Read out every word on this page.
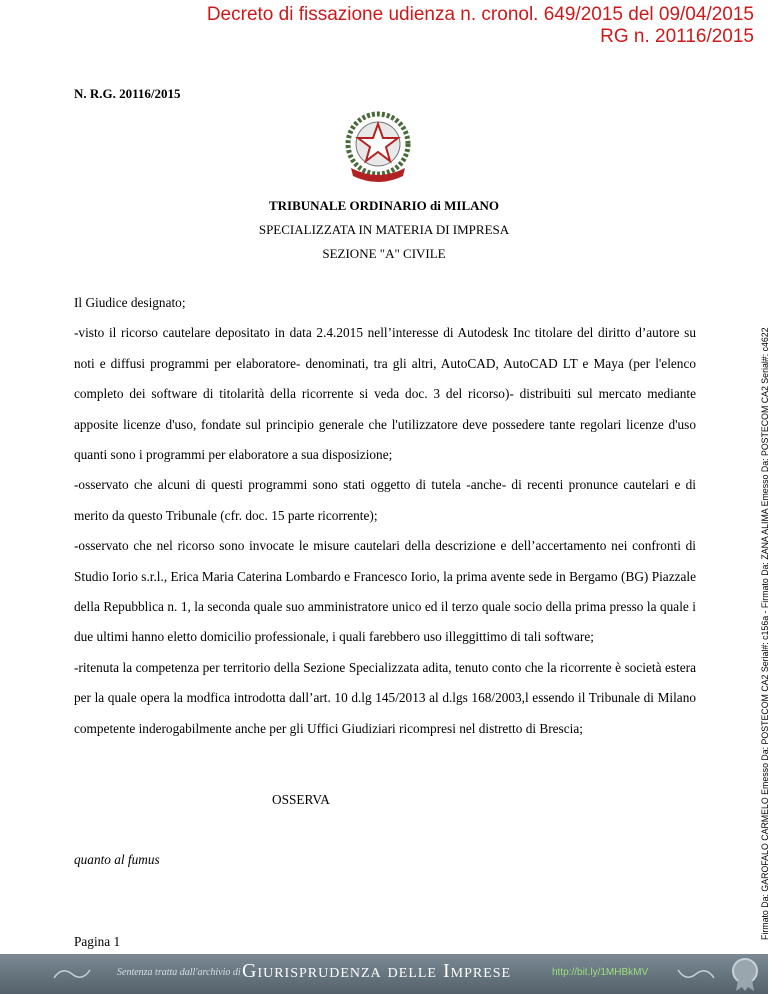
Decreto di fissazione udienza n. cronol. 649/2015 del 09/04/2015
RG n. 20116/2015
N. R.G. 20116/2015
TRIBUNALE ORDINARIO di MILANO
SPECIALIZZATA IN MATERIA DI IMPRESA
SEZIONE "A" CIVILE

Il Giudice designato;

-visto il ricorso cautelare depositato in data 2.4.2015 nell’interesse di Autodesk Inc titolare del diritto d’autore su noti e diffusi programmi per elaboratore- denominati, tra gli altri, AutoCAD, AutoCAD LT e Maya (per l'elenco completo dei software di titolarità della ricorrente si veda doc. 3 del ricorso)- distribuiti sul mercato mediante apposite licenze d'uso, fondate sul principio generale che l'utilizzatore deve possedere tante regolari licenze d'uso quanti sono i programmi per elaboratore a sua disposizione;

-osservato che alcuni di questi programmi sono stati oggetto di tutela -anche- di recenti pronunce cautelari e di merito da questo Tribunale (cfr. doc. 15 parte ricorrente);

-osservato che nel ricorso sono invocate le misure cautelari della descrizione e dell’accertamento nei confronti di Studio Iorio s.r.l., Erica Maria Caterina Lombardo e Francesco Iorio, la prima avente sede in Bergamo (BG) Piazzale della Repubblica n. 1, la seconda quale suo amministratore unico ed il terzo quale socio della prima presso la quale i due ultimi hanno eletto domicilio professionale, i quali farebbero uso illeggittimo di tali software;

-ritenuta la competenza per territorio della Sezione Specializzata adita, tenuto conto che la ricorrente è società estera per la quale opera la modfica introdotta dall’art. 10 d.lg 145/2013 al d.lgs 168/2003,l essendo il Tribunale di Milano competente inderogabilmente anche per gli Uffici Giudiziari ricompresi nel distretto di Brescia;

OSSERVA
quanto al fumus
Pagina 1
Firmato Da: GAROFALO CARMELO Emesso Da: POSTECOM CA2 Serial#: c156a - Firmato Da: ZANA ALIMA Emesso Da: POSTECOM CA2 Serial#: c4622
Sentenza tratta dall'archivio di Giurisprudenza delle Imprese	http://bit.ly/1MHBkMV
